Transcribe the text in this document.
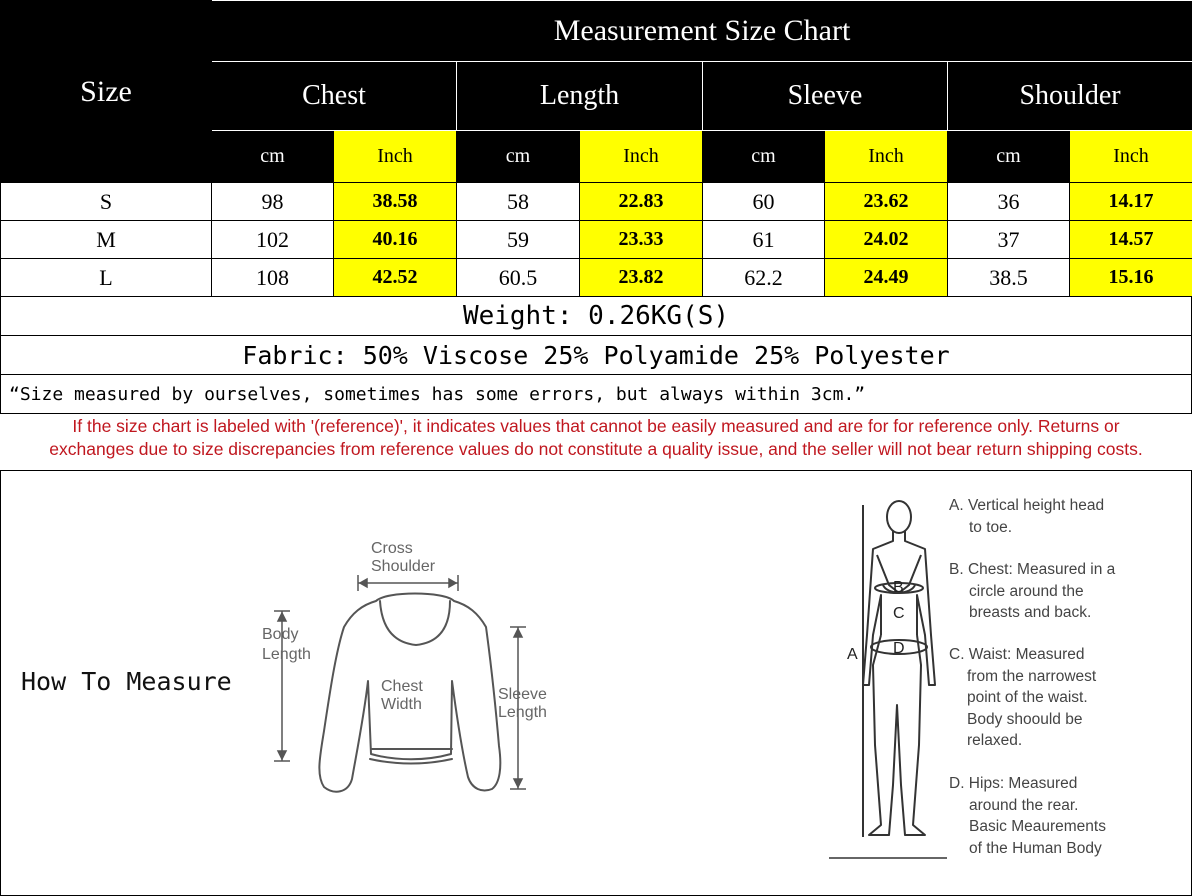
Size	Measurement Size Chart							
	Chest		Length		Sleeve		Shoulder	
	cm	Inch	cm	Inch	cm	Inch	cm	Inch
S	98	38.58	58	22.83	60	23.62	36	14.17
M	102	40.16	59	23.33	61	24.02	37	14.57
L	108	42.52	60.5	23.82	62.2	24.49	38.5	15.16
Weight: 0.26KG(S)
Fabric: 50% Viscose 25% Polyamide 25% Polyester
“Size measured by ourselves, sometimes has some errors, but always within 3cm.”
If the size chart is labeled with '(reference)', it indicates values that cannot be easily measured and are for for reference only. Returns or
exchanges due to size discrepancies from reference values do not constitute a quality issue, and the seller will not bear return shipping costs.
How To Measure
Cross
Shoulder
Body
Length
Chest
Width
Sleeve
Length
A
B
C
D
A. Vertical height head
to toe.
B. Chest: Measured in a
circle around the
breasts and back.
C. Waist: Measured
from the narrowest
point of the waist.
Body shoould be
relaxed.
D. Hips: Measured
around the rear.
Basic Meaurements
of the Human Body
